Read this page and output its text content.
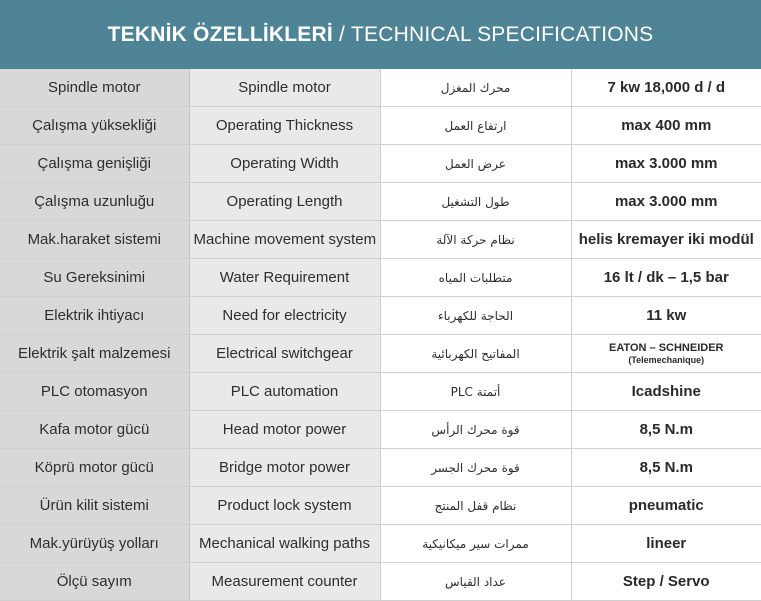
TEKNİK ÖZELLİKLERİ / TECHNICAL SPECIFICATIONS
Spindle motor	Spindle motor	محرك المغزل	7 kw 18,000 d / d
Çalışma yüksekliği	Operating Thickness	ارتفاع العمل	max 400 mm
Çalışma genişliği	Operating Width	عرض العمل	max 3.000 mm
Çalışma uzunluğu	Operating Length	طول التشغيل	max 3.000 mm
Mak.haraket sistemi	Machine movement system	نظام حركة الآلة	helis kremayer iki modül
Su Gereksinimi	Water Requirement	متطلبات المياه	16 lt / dk – 1,5 bar
Elektrik ihtiyacı	Need for electricity	الحاجة للكهرباء	11 kw
Elektrik şalt malzemesi	Electrical switchgear	المفاتيح الكهربائية	EATON – SCHNEIDER
(Telemechanique)

PLC otomasyon	PLC automation	أتمتة PLC	Icadshine
Kafa motor gücü	Head motor power	قوة محرك الرأس	8,5 N.m
Köprü motor gücü	Bridge motor power	قوة محرك الجسر	8,5 N.m
Ürün kilit sistemi	Product lock system	نظام قفل المنتج	pneumatic
Mak.yürüyüş yolları	Mechanical walking paths	ممرات سير ميكانيكية	lineer
Ölçü sayım	Measurement counter	عداد القياس	Step / Servo
